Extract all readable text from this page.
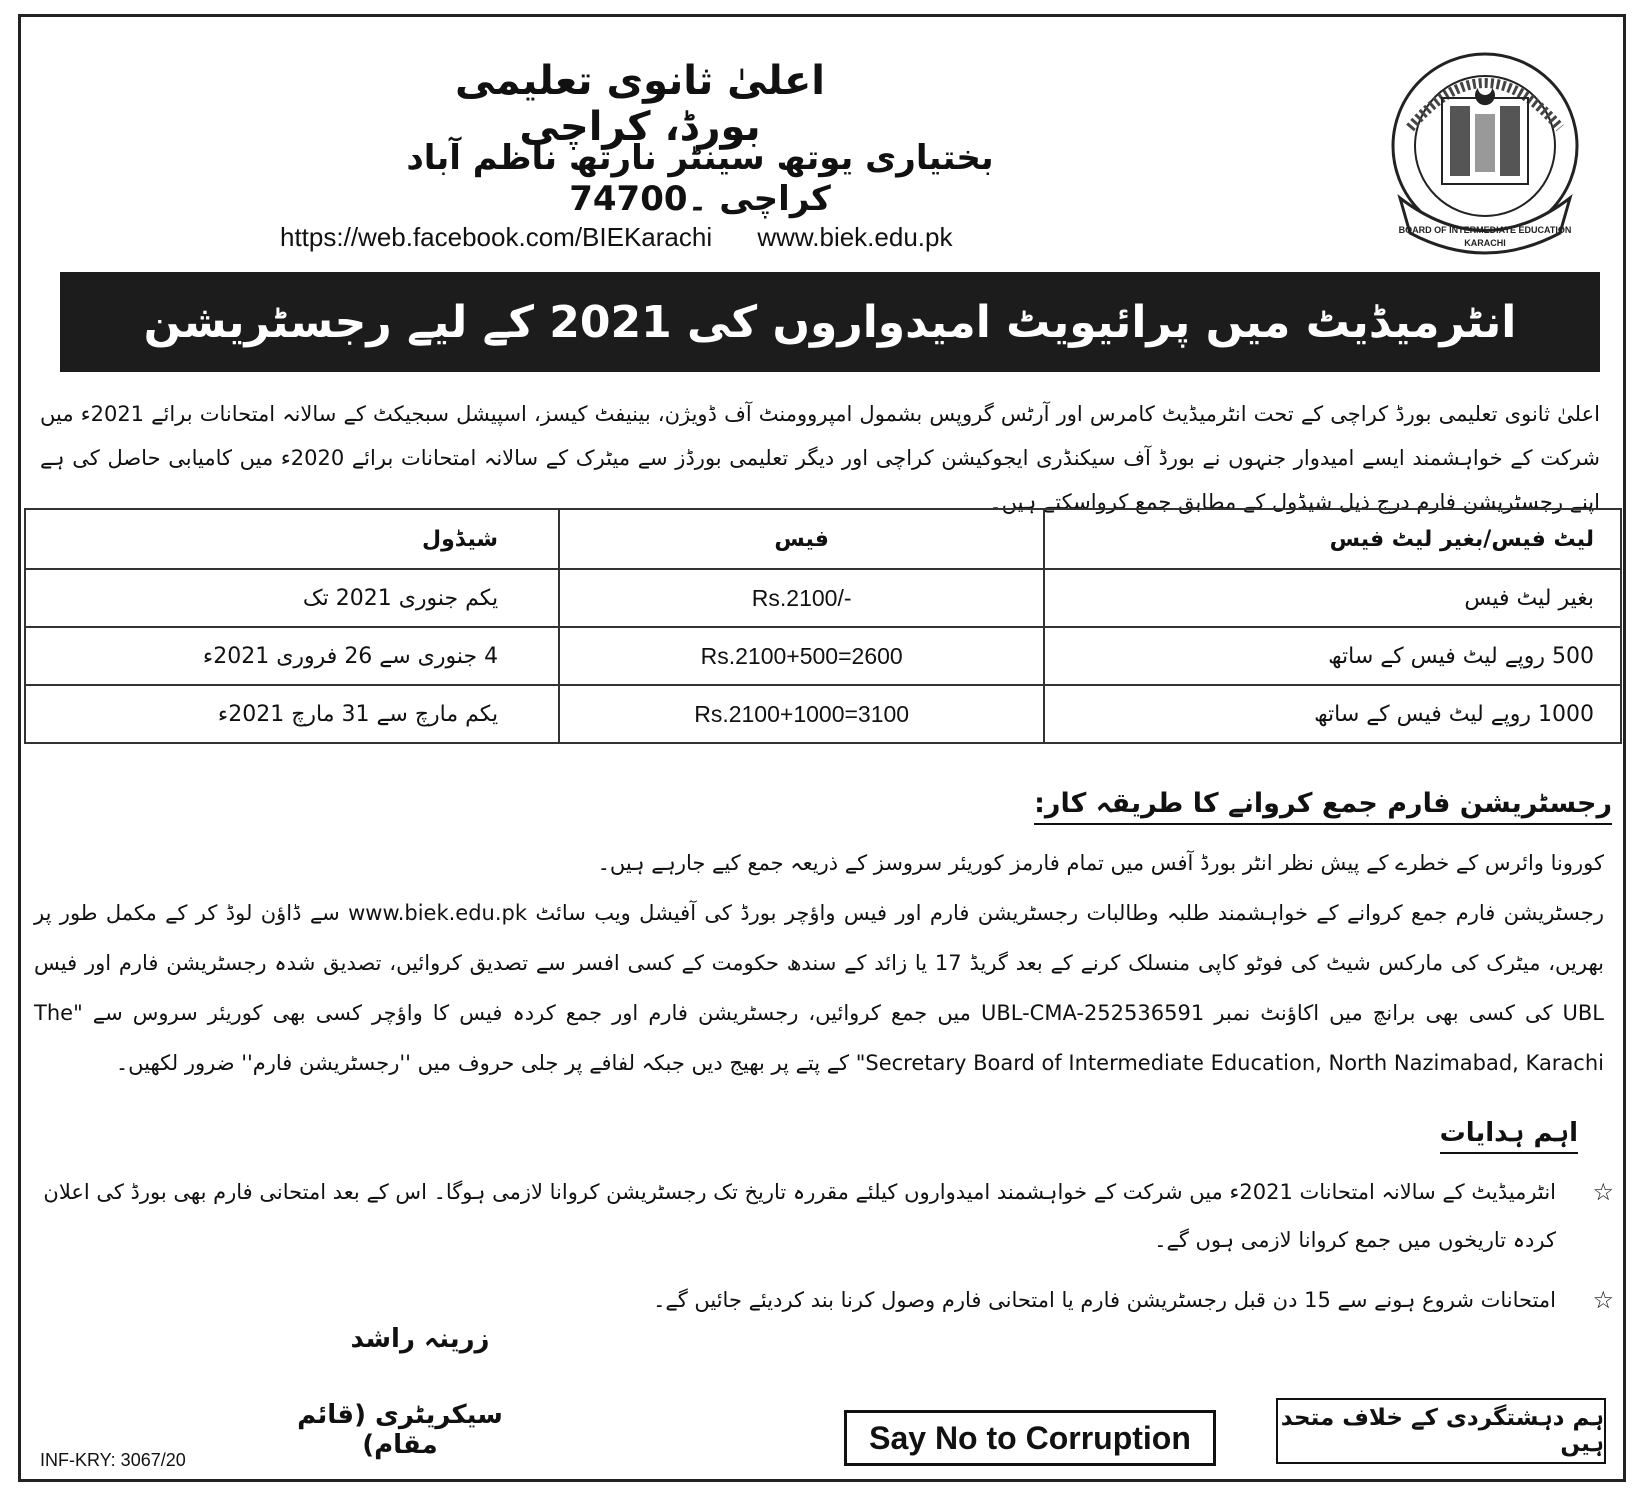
اعلیٰ ثانوی تعلیمی بورڈ، کراچی
بختیاری یوتھ سینٹر نارتھ ناظم آباد کراچی ۔74700
https://web.facebook.com/BIEKarachi www.biek.edu.pk	BOARD OF INTERMEDIATE EDUCATION
KARACHI
انٹرمیڈیٹ میں پرائیویٹ امیدواروں کی 2021 کے لیے رجسٹریشن
اعلیٰ ثانوی تعلیمی بورڈ کراچی کے تحت انٹرمیڈیٹ کامرس اور آرٹس گروپس بشمول امپروومنٹ آف ڈویژن، بینیفٹ کیسز، اسپیشل سبجیکٹ کے سالانہ امتحانات برائے 2021ء میں شرکت کے خواہشمند ایسے امیدوار جنہوں نے بورڈ آف سیکنڈری ایجوکیشن کراچی اور دیگر تعلیمی بورڈز سے میٹرک کے سالانہ امتحانات برائے 2020ء میں کامیابی حاصل کی ہے اپنے رجسٹریشن فارم درج ذیل شیڈول کے مطابق جمع کرواسکتے ہیں۔
شیڈول	فیس	لیٹ فیس/بغیر لیٹ فیس
یکم جنوری 2021 تک	Rs.2100/-	بغیر لیٹ فیس
4 جنوری سے 26 فروری 2021ء	Rs.2100+500=2600	500 روپے لیٹ فیس کے ساتھ
یکم مارچ سے 31 مارچ 2021ء	Rs.2100+1000=3100	1000 روپے لیٹ فیس کے ساتھ
رجسٹریشن فارم جمع کروانے کا طریقہ کار:

کورونا وائرس کے خطرے کے پیش نظر انٹر بورڈ آفس میں تمام فارمز کوریئر سروسز کے ذریعہ جمع کیے جارہے ہیں۔

رجسٹریشن فارم جمع کروانے کے خواہشمند طلبہ وطالبات رجسٹریشن فارم اور فیس واؤچر بورڈ کی آفیشل ویب سائٹ www.biek.edu.pk سے ڈاؤن لوڈ کر کے مکمل طور پر بھریں، میٹرک کی مارکس شیٹ کی فوٹو کاپی منسلک کرنے کے بعد گریڈ 17 یا زائد کے سندھ حکومت کے کسی افسر سے تصدیق کروائیں، تصدیق شدہ رجسٹریشن فارم اور فیس UBL کی کسی بھی برانچ میں اکاؤنٹ نمبر UBL-CMA-252536591 میں جمع کروائیں، رجسٹریشن فارم اور جمع کردہ فیس کا واؤچر کسی بھی کوریئر سروس سے "The Secretary Board of Intermediate Education, North Nazimabad, Karachi" کے پتے پر بھیج دیں جبکہ لفافے پر جلی حروف میں ''رجسٹریشن فارم'' ضرور لکھیں۔

اہم ہدایات
☆
انٹرمیڈیٹ کے سالانہ امتحانات 2021ء میں شرکت کے خواہشمند امیدواروں کیلئے مقررہ تاریخ تک رجسٹریشن کروانا لازمی ہوگا۔ اس کے بعد امتحانی فارم بھی بورڈ کی اعلان کردہ تاریخوں میں جمع کروانا لازمی ہوں گے۔
☆
امتحانات شروع ہونے سے 15 دن قبل رجسٹریشن فارم یا امتحانی فارم وصول کرنا بند کردیئے جائیں گے۔
زرینہ راشد
سیکریٹری (قائم مقام)
INF-KRY: 3067/20
Say No to Corruption
ہم دہشتگردی کے خلاف متحد ہیں
